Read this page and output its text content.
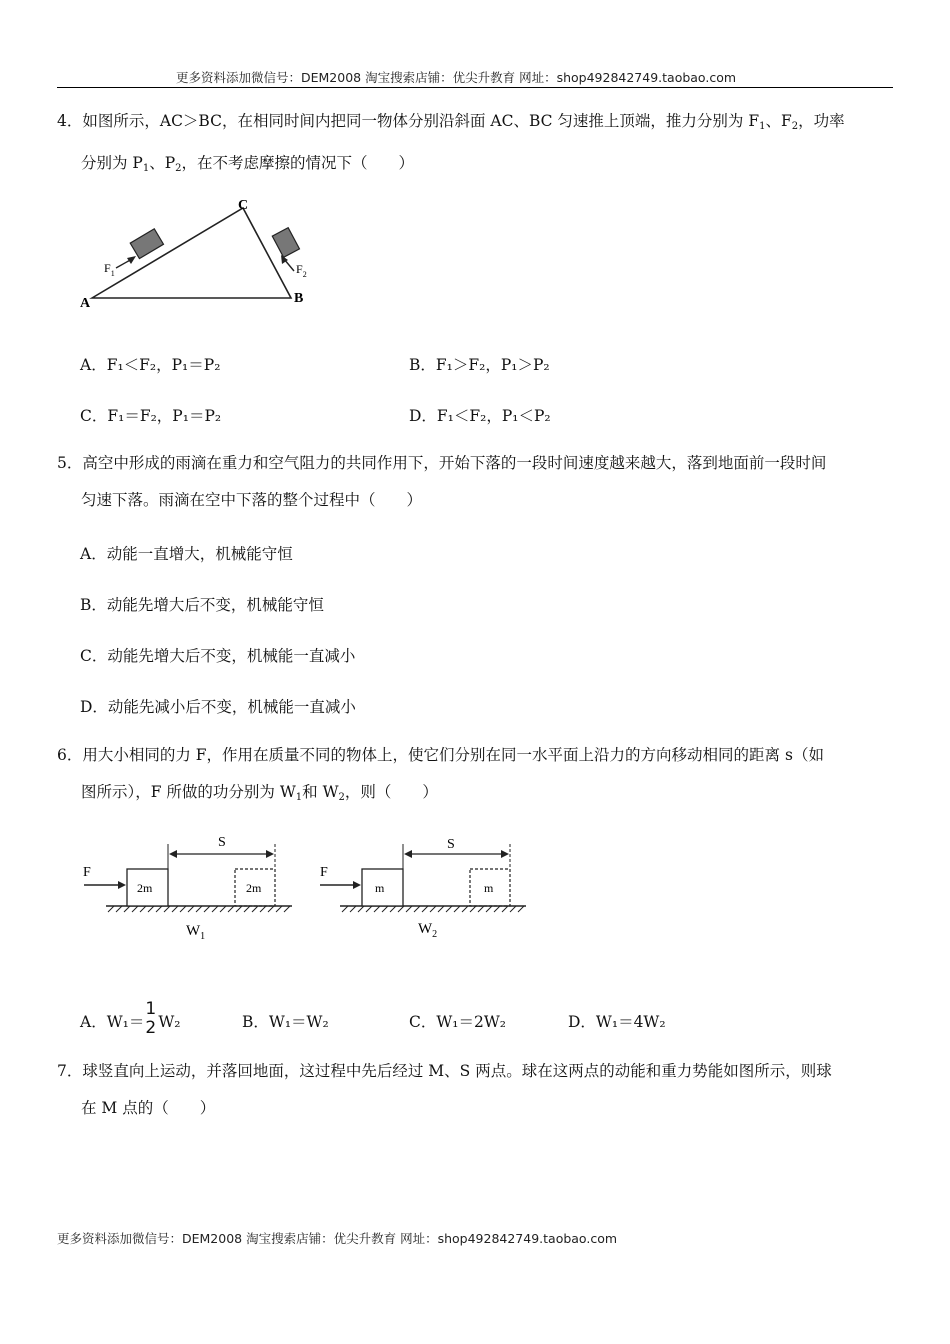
更多资料添加微信号：DEM2008 淘宝搜索店铺：优尖升教育 网址：shop492842749.taobao.com
4．如图所示，AC＞BC，在相同时间内把同一物体分别沿斜面 AC、BC 匀速推上顶端，推力分别为 $F_1$、$F_2$，功率
分别为 $P_1$、$P_2$，在不考虑摩擦的情况下（　　）
C
A	B
$F_1$	$F_2$
A．F₁＜F₂，P₁＝P₂	B．F₁＞F₂，P₁＞P₂
C．F₁＝F₂，P₁＝P₂	D．F₁＜F₂，P₁＜P₂
5．高空中形成的雨滴在重力和空气阻力的共同作用下，开始下落的一段时间速度越来越大，落到地面前一段时间
匀速下落。雨滴在空中下落的整个过程中（　　）
A．动能一直增大，机械能守恒
B．动能先增大后不变，机械能守恒
C．动能先增大后不变，机械能一直减小
D．动能先减小后不变，机械能一直减小
6．用大小相同的力 F，作用在质量不同的物体上，使它们分别在同一水平面上沿力的方向移动相同的距离 s（如
图所示），F 所做的功分别为 $W_1$和 $W_2$，则（　　）
F
S
2m	2m
$W_1$
F
S
m	m
$W_2$
A．W₁＝
1
2 W₂	B．W₁＝W₂	C．W₁＝2W₂	D．W₁＝4W₂
7．球竖直向上运动，并落回地面，这过程中先后经过 M、S 两点。球在这两点的动能和重力势能如图所示，则球
在 M 点的（　　）
更多资料添加微信号：DEM2008 淘宝搜索店铺：优尖升教育 网址：shop492842749.taobao.com
